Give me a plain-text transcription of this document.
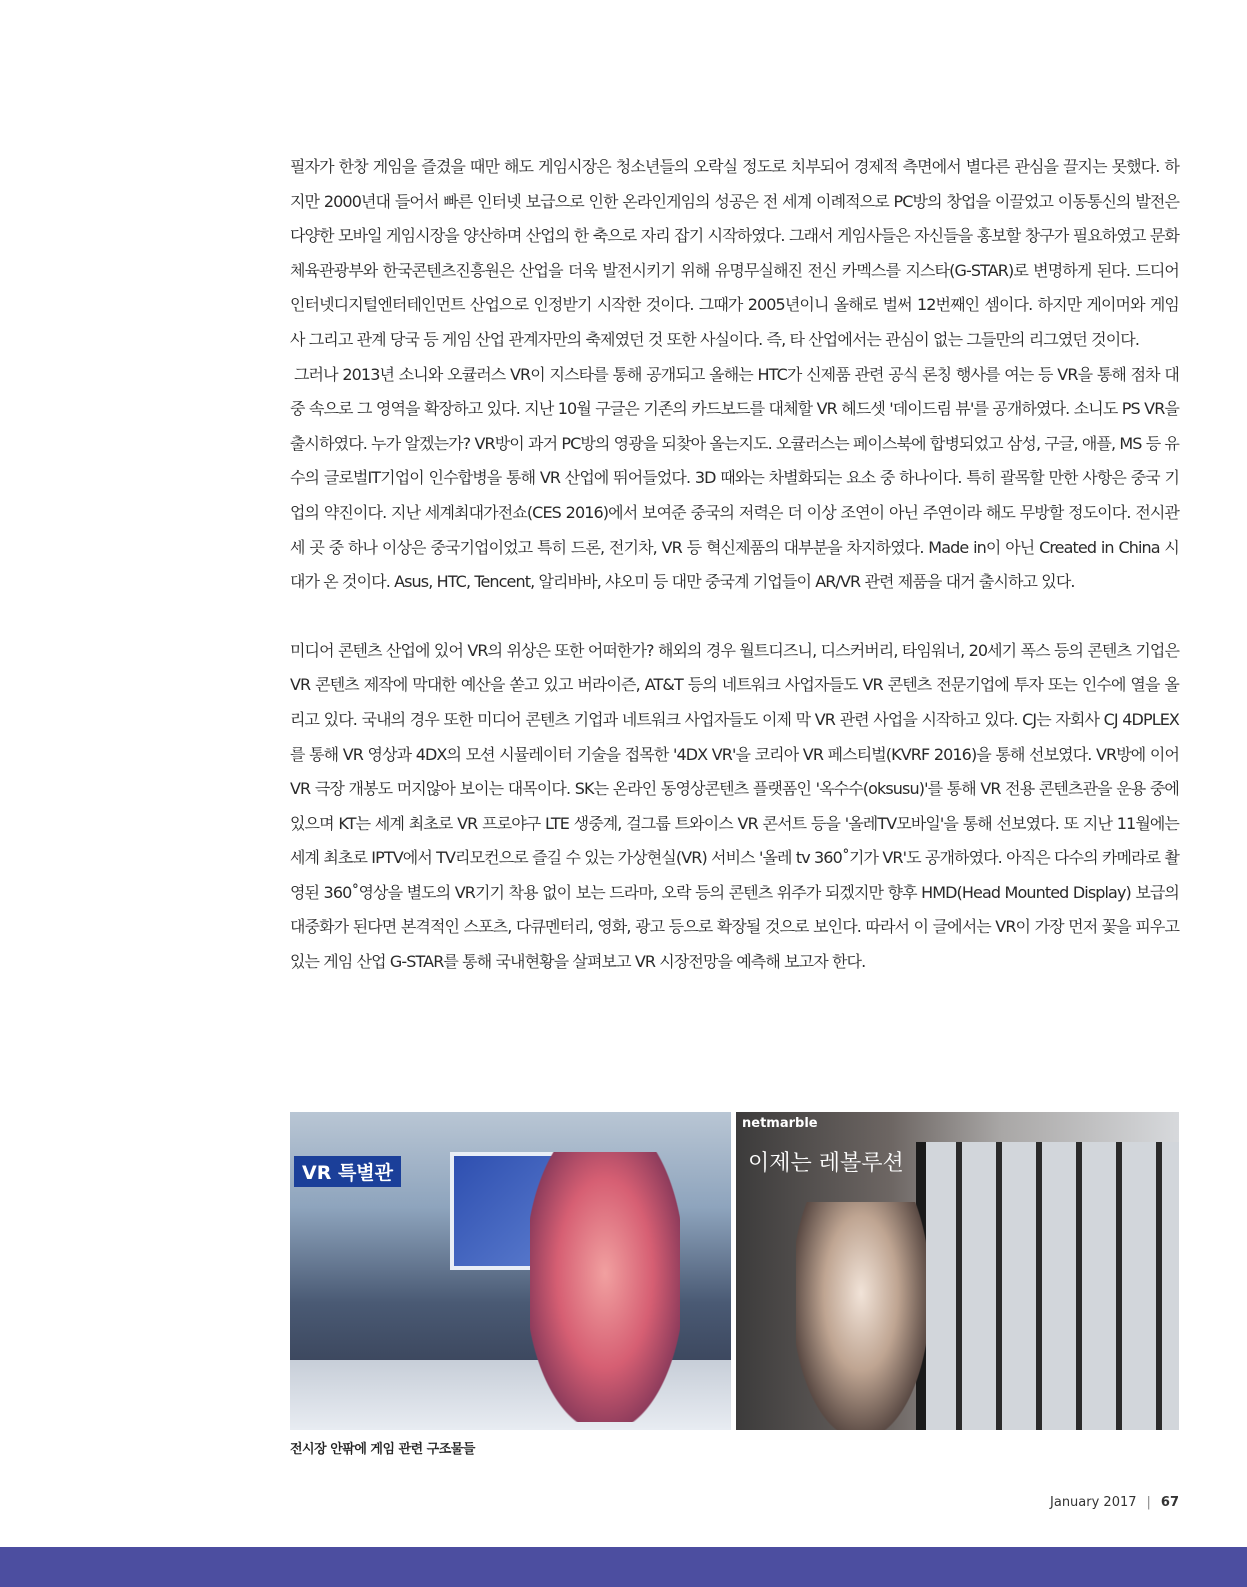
필자가 한창 게임을 즐겼을 때만 해도 게임시장은 청소년들의 오락실 정도로 치부되어 경제적 측면에서 별다른 관심을 끌지는 못했다. 하지만 2000년대 들어서 빠른 인터넷 보급으로 인한 온라인게임의 성공은 전 세계 이례적으로 PC방의 창업을 이끌었고 이동통신의 발전은 다양한 모바일 게임시장을 양산하며 산업의 한 축으로 자리 잡기 시작하였다. 그래서 게임사들은 자신들을 홍보할 창구가 필요하였고 문화체육관광부와 한국콘텐츠진흥원은 산업을 더욱 발전시키기 위해 유명무실해진 전신 카멕스를 지스타(G-STAR)로 변명하게 된다. 드디어 인터넷디지털엔터테인먼트 산업으로 인정받기 시작한 것이다. 그때가 2005년이니 올해로 벌써 12번째인 셈이다. 하지만 게이머와 게임사 그리고 관계 당국 등 게임 산업 관계자만의 축제였던 것 또한 사실이다. 즉, 타 산업에서는 관심이 없는 그들만의 리그였던 것이다.

그러나 2013년 소니와 오큘러스 VR이 지스타를 통해 공개되고 올해는 HTC가 신제품 관련 공식 론칭 행사를 여는 등 VR을 통해 점차 대중 속으로 그 영역을 확장하고 있다. 지난 10월 구글은 기존의 카드보드를 대체할 VR 헤드셋 '데이드림 뷰'를 공개하였다. 소니도 PS VR을 출시하였다. 누가 알겠는가? VR방이 과거 PC방의 영광을 되찾아 올는지도. 오큘러스는 페이스북에 합병되었고 삼성, 구글, 애플, MS 등 유수의 글로벌IT기업이 인수합병을 통해 VR 산업에 뛰어들었다. 3D 때와는 차별화되는 요소 중 하나이다. 특히 괄목할 만한 사항은 중국 기업의 약진이다. 지난 세계최대가전쇼(CES 2016)에서 보여준 중국의 저력은 더 이상 조연이 아닌 주연이라 해도 무방할 정도이다. 전시관 세 곳 중 하나 이상은 중국기업이었고 특히 드론, 전기차, VR 등 혁신제품의 대부분을 차지하였다. Made in이 아닌 Created in China 시대가 온 것이다. Asus, HTC, Tencent, 알리바바, 샤오미 등 대만 중국계 기업들이 AR/VR 관련 제품을 대거 출시하고 있다.

미디어 콘텐츠 산업에 있어 VR의 위상은 또한 어떠한가? 해외의 경우 월트디즈니, 디스커버리, 타임워너, 20세기 폭스 등의 콘텐츠 기업은 VR 콘텐츠 제작에 막대한 예산을 쏟고 있고 버라이즌, AT&T 등의 네트워크 사업자들도 VR 콘텐츠 전문기업에 투자 또는 인수에 열을 올리고 있다. 국내의 경우 또한 미디어 콘텐츠 기업과 네트워크 사업자들도 이제 막 VR 관련 사업을 시작하고 있다. CJ는 자회사 CJ 4DPLEX를 통해 VR 영상과 4DX의 모션 시뮬레이터 기술을 접목한 '4DX VR'을 코리아 VR 페스티벌(KVRF 2016)을 통해 선보였다. VR방에 이어 VR 극장 개봉도 머지않아 보이는 대목이다. SK는 온라인 동영상콘텐츠 플랫폼인 '옥수수(oksusu)'를 통해 VR 전용 콘텐츠관을 운용 중에 있으며 KT는 세계 최초로 VR 프로야구 LTE 생중계, 걸그룹 트와이스 VR 콘서트 등을 '올레TV모바일'을 통해 선보였다. 또 지난 11월에는 세계 최초로 IPTV에서 TV리모컨으로 즐길 수 있는 가상현실(VR) 서비스 '올레 tv 360˚기가 VR'도 공개하였다. 아직은 다수의 카메라로 촬영된 360˚영상을 별도의 VR기기 착용 없이 보는 드라마, 오락 등의 콘텐츠 위주가 되겠지만 향후 HMD(Head Mounted Display) 보급의 대중화가 된다면 본격적인 스포츠, 다큐멘터리, 영화, 광고 등으로 확장될 것으로 보인다. 따라서 이 글에서는 VR이 가장 먼저 꽃을 피우고 있는 게임 산업 G-STAR를 통해 국내현황을 살펴보고 VR 시장전망을 예측해 보고자 한다.

VR 특별관
netmarble
이제는 레볼루션
전시장 안팎에 게임 관련 구조물들
January 2017 | 67
